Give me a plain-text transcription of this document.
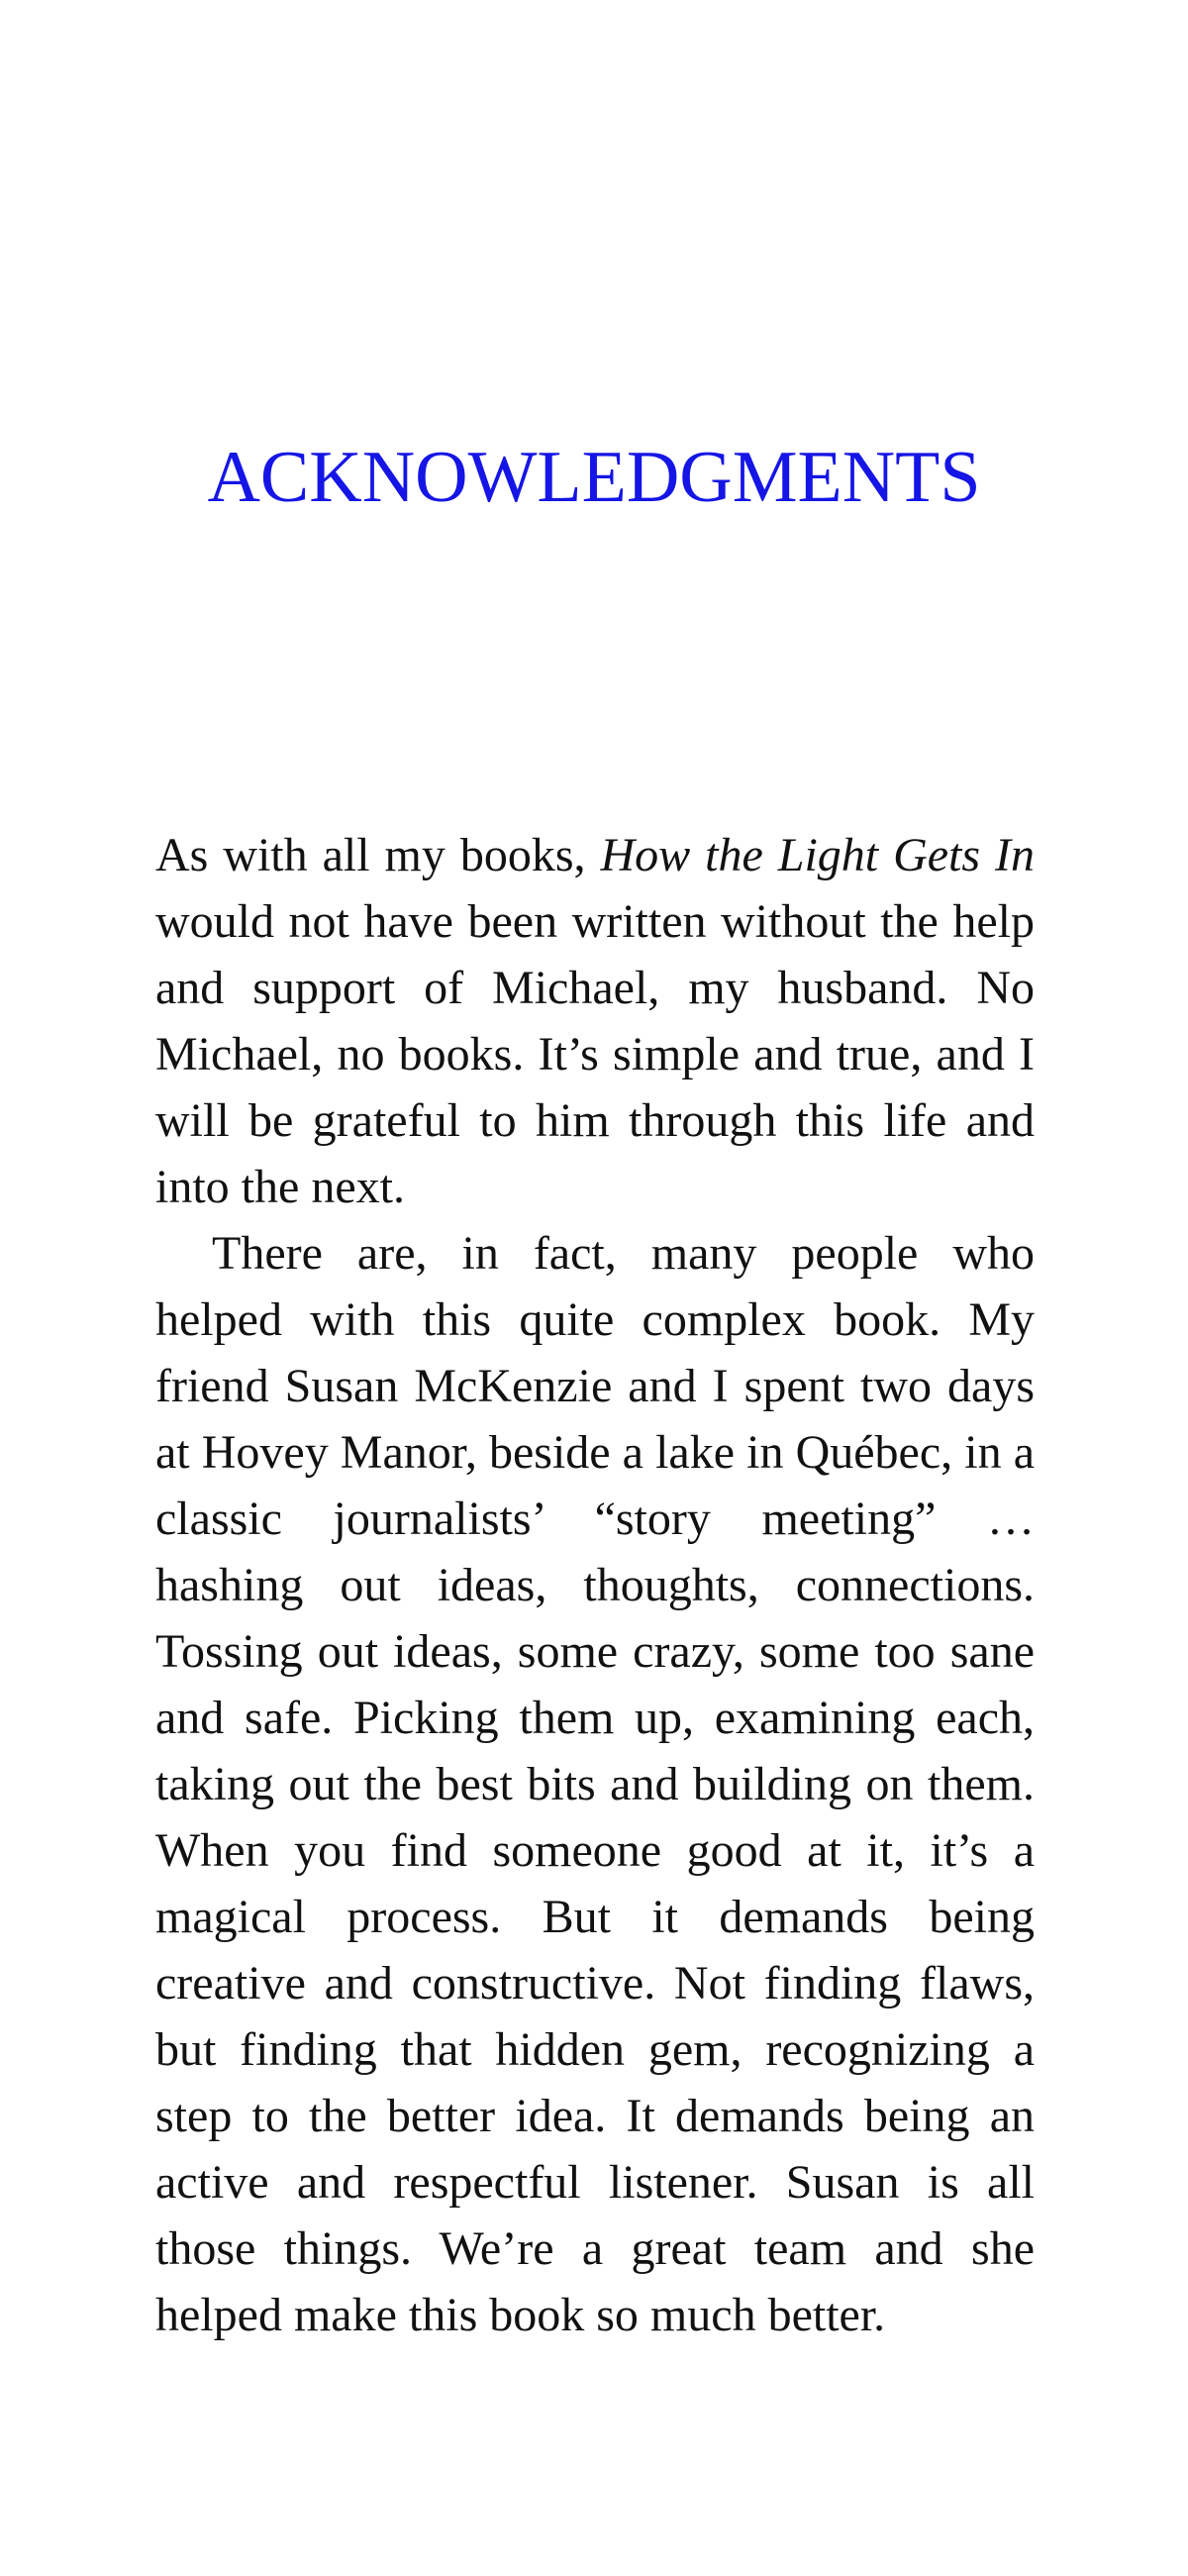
ACKNOWLEDGMENTS

As with all my books, How the Light Gets In would not have been written without the help and support of Michael, my husband. No Michael, no books. It’s simple and true, and I will be grateful to him through this life and into the next.

There are, in fact, many people who helped with this quite complex book. My friend Susan McKenzie and I spent two days at Hovey Manor, beside a lake in Québec, in a classic journalists’ “story meeting” … hashing out ideas, thoughts, connections. Tossing out ideas, some crazy, some too sane and safe. Picking them up, examining each, taking out the best bits and building on them. When you find someone good at it, it’s a magical process. But it demands being creative and constructive. Not finding flaws, but finding that hidden gem, recognizing a step to the better idea. It demands being an active and respectful listener. Susan is all those things. We’re a great team and she helped make this book so much better.
